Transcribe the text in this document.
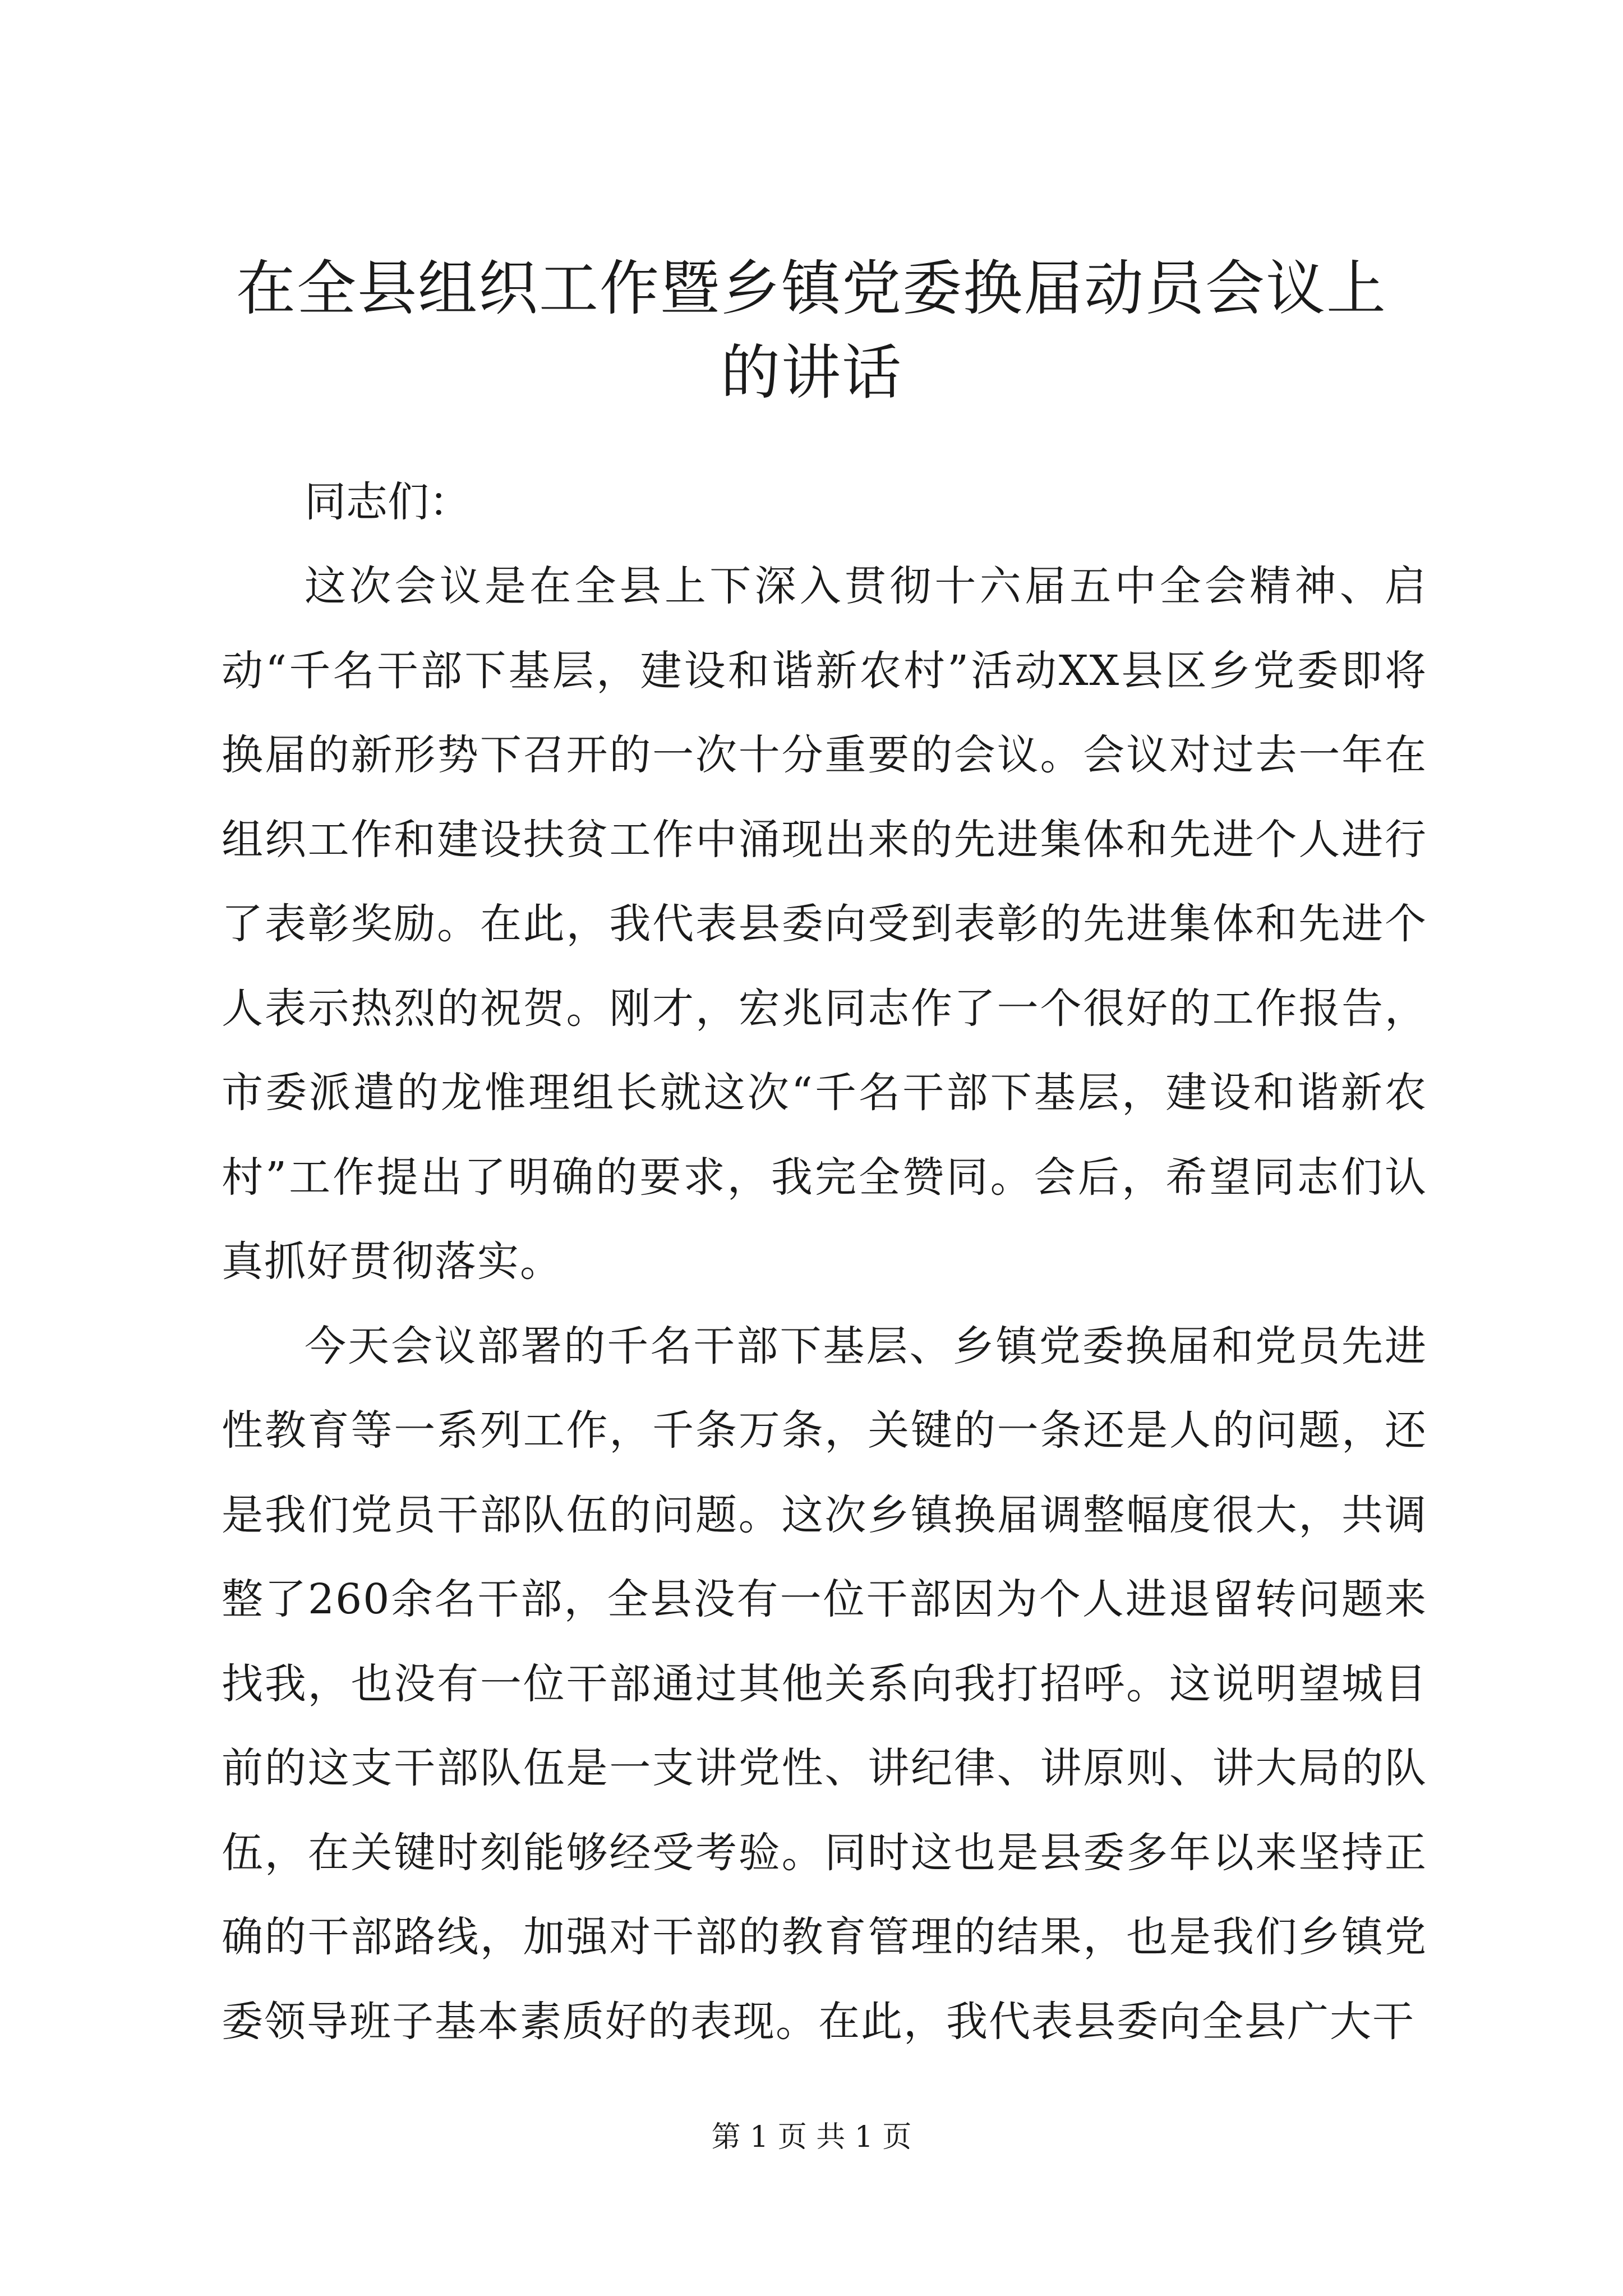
在全县组织工作暨乡镇党委换届动员会议上的讲话

同志们：

这次会议是在全县上下深入贯彻十六届五中全会精神、启动“千名干部下基层，建设和谐新农村”活动XX县区乡党委即将换届的新形势下召开的一次十分重要的会议。会议对过去一年在组织工作和建设扶贫工作中涌现出来的先进集体和先进个人进行了表彰奖励。在此，我代表县委向受到表彰的先进集体和先进个人表示热烈的祝贺。刚才，宏兆同志作了一个很好的工作报告，市委派遣的龙惟理组长就这次“千名干部下基层，建设和谐新农村”工作提出了明确的要求，我完全赞同。会后，希望同志们认真抓好贯彻落实。

今天会议部署的千名干部下基层、乡镇党委换届和党员先进性教育等一系列工作，千条万条，关键的一条还是人的问题，还是我们党员干部队伍的问题。这次乡镇换届调整幅度很大，共调整了260余名干部，全县没有一位干部因为个人进退留转问题来找我，也没有一位干部通过其他关系向我打招呼。这说明望城目前的这支干部队伍是一支讲党性、讲纪律、讲原则、讲大局的队伍，在关键时刻能够经受考验。同时这也是县委多年以来坚持正确的干部路线，加强对干部的教育管理的结果，也是我们乡镇党委领导班子基本素质好的表现。在此，我代表县委向全县广大干

第 1 页 共 1 页
